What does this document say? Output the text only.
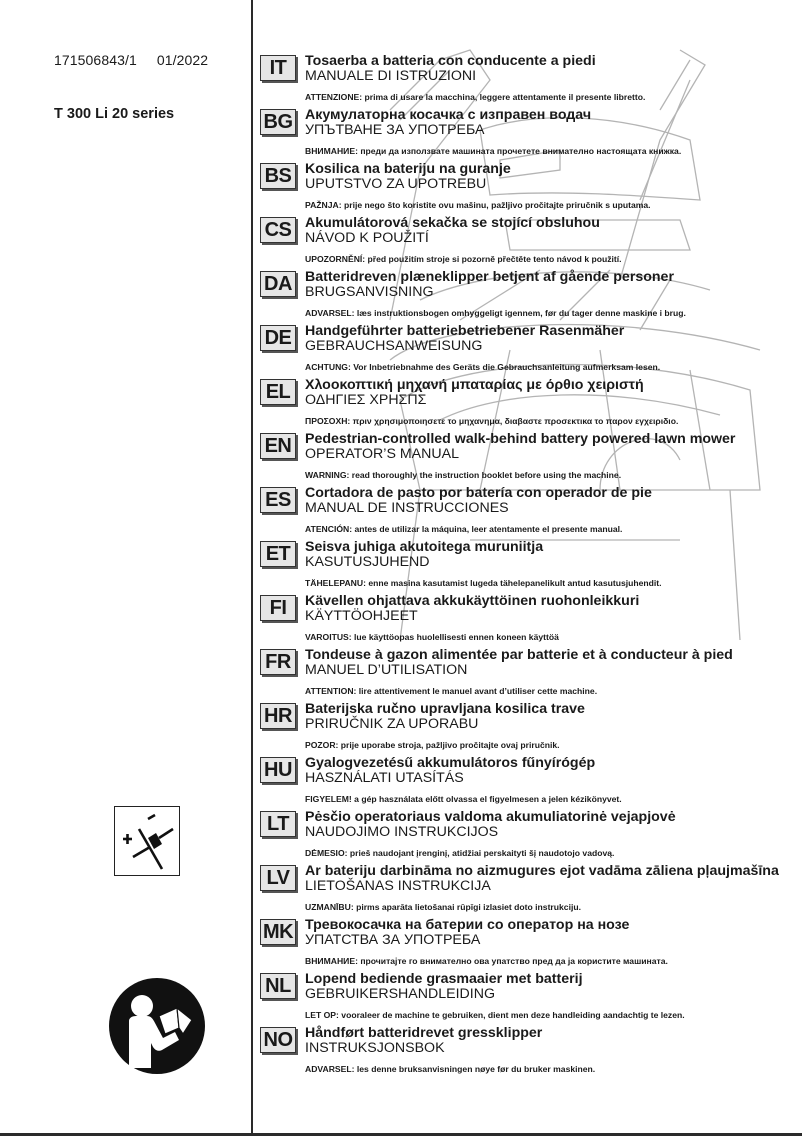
171506843/1 01/2022
T 300 Li 20 series
IT	Tosaerba a batteria con conducente a piedi
MANUALE DI ISTRUZIONI
ATTENZIONE: prima di usare la macchina, leggere attentamente il presente libretto.
BG Акумулаторна косачка с изправен водач
УПЪТВАНЕ ЗА УПОТРЕБА
ВНИМАНИЕ: преди да използвате машината прочетете внимателно настоящата книжка.
BS Kosilica na bateriju na guranje
UPUTSTVO ZA UPOTREBU
PAŽNJA: prije nego što koristite ovu mašinu, pažljivo pročitajte priručnik s uputama.
CS Akumulátorová sekačka se stojící obsluhou
NÁVOD K POUŽITÍ
UPOZORNĚNÍ: před použitím stroje si pozorně přečtěte tento návod k použití.
DA Batteridreven plæneklipper betjent af gående personer
BRUGSANVISNING
ADVARSEL: læs instruktionsbogen omhyggeligt igennem, før du tager denne maskine i brug.
DE Handgeführter batteriebetriebener Rasenmäher
GEBRAUCHSANWEISUNG
ACHTUNG: Vor Inbetriebnahme des Geräts die Gebrauchsanleitung aufmerksam lesen.
EL	Χλοοκοπτική μηχανή μπαταρίας με όρθιο χειριστή
ΟΔΗΓΙΕΣ ΧΡΗΣΠΣ
ΠΡΟΣΟΧΗ: πριν χρησιμοποιησετε το μηχανημα, διαβαστε προσεκτικα το παρον εγχειριδιο.
EN Pedestrian-controlled walk-behind battery powered lawn mower
OPERATOR’S MANUAL
WARNING: read thoroughly the instruction booklet before using the machine.
ES Cortadora de pasto por batería con operador de pie
MANUAL DE INSTRUCCIONES
ATENCIÓN: antes de utilizar la máquina, leer atentamente el presente manual.
ET	Seisva juhiga akutoitega muruniitja
KASUTUSJUHEND
TÄHELEPANU: enne masina kasutamist lugeda tähelepanelikult antud kasutusjuhendit.
FI	Kävellen ohjattava akkukäyttöinen ruohonleikkuri
KÄYTTÖOHJEET
VAROITUS: lue käyttöopas huolellisesti ennen koneen käyttöä
FR Tondeuse à gazon alimentée par batterie et à conducteur à pied
MANUEL D’UTILISATION
ATTENTION: lire attentivement le manuel avant d’utiliser cette machine.
HR Baterijska ručno upravljana kosilica trave
PRIRUČNIK ZA UPORABU
POZOR: prije uporabe stroja, pažljivo pročitajte ovaj priručnik.
HU Gyalogvezetésű akkumulátoros fűnyírógép
HASZNÁLATI UTASÍTÁS
FIGYELEM! a gép használata előtt olvassa el figyelmesen a jelen kézikönyvet.
LT	Pėsčio operatoriaus valdoma akumuliatorinė vejapjovė
NAUDOJIMO INSTRUKCIJOS
DĖMESIO: prieš naudojant įrenginį, atidžiai perskaityti šį naudotojo vadovą.
LV	Ar bateriju darbināma no aizmugures ejot vadāma zāliena pļaujmašīna
LIETOŠANAS INSTRUKCIJA
UZMANĪBU: pirms aparāta lietošanai rūpīgi izlasiet doto instrukciju.
MK Тревокосачка на батерии со оператор на нозе
УПАТСТВА ЗА УПОТРЕБА
ВНИМАНИЕ: прочитајте го внимателно ова упатство пред да ја користите машината.
NL Lopend bediende grasmaaier met batterij
GEBRUIKERSHANDLEIDING
LET OP: vooraleer de machine te gebruiken, dient men deze handleiding aandachtig te lezen.
NO Håndført batteridrevet gressklipper
INSTRUKSJONSBOK
ADVARSEL: les denne bruksanvisningen nøye før du bruker maskinen.
